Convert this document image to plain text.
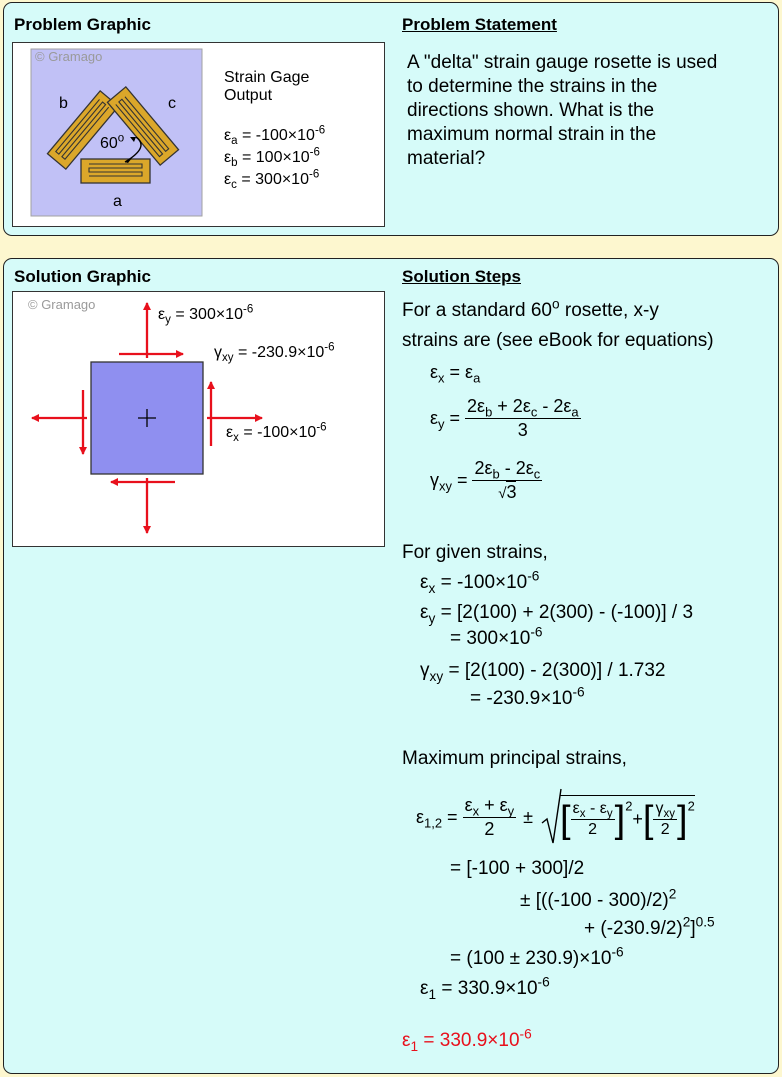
Problem Graphic	Problem Statement
© Gramago
b	c
a
60$^o$
Strain Gage
Output
$\varepsilon_a = -100\times 10^{-6}$
$\varepsilon_b = 100\times 10^{-6}$
$\varepsilon_c = 300\times 10^{-6}$
A "delta" strain gauge rosette is used
to determine the strains in the
directions shown. What is the
maximum normal strain in the
material?
Solution Graphic	Solution Steps
© Gramago
$\varepsilon_y = 300\times 10^{-6}$
$\gamma_{xy} = -230.9\times 10^{-6}$
$\varepsilon_x = -100\times 10^{-6}$
For a standard 60$^o$ rosette, x-y
strains are (see eBook for equations)
$\varepsilon_x = \varepsilon_a$
$\varepsilon_y = \frac{2\varepsilon_b + 2\varepsilon_c - 2\varepsilon_a}{3}$
$\gamma_{xy} = \frac{2\varepsilon_b - 2\varepsilon_c}{√3}$
For given strains,
$\varepsilon_x = -100\times 10^{-6}$
$\varepsilon_y = [2(100) + 2(300) - (-100)] / 3$
= $300\times 10^{-6}$
$\gamma_{xy} = [2(100) - 2(300)] / 1.732$
= $-230.9\times 10^{-6}$
Maximum principal strains,
$\varepsilon_{1,2} = \frac{\varepsilon_x + \varepsilon_y}{2}$ ± [ $\frac{\varepsilon_x - \varepsilon_y}{2} ]^2+[ \frac{\gamma_{xy}}{2} ]^2$
= [-100 + 300]/2
± [((-100 - 300)/2)$^2$
+ $(-230.9/2)^2]^{0.5}$
= $(100 \pm 230.9)\times 10^{-6}$
$\varepsilon_1 = 330.9\times 10^{-6}$
$\varepsilon_1 = 330.9\times 10^{-6}$
